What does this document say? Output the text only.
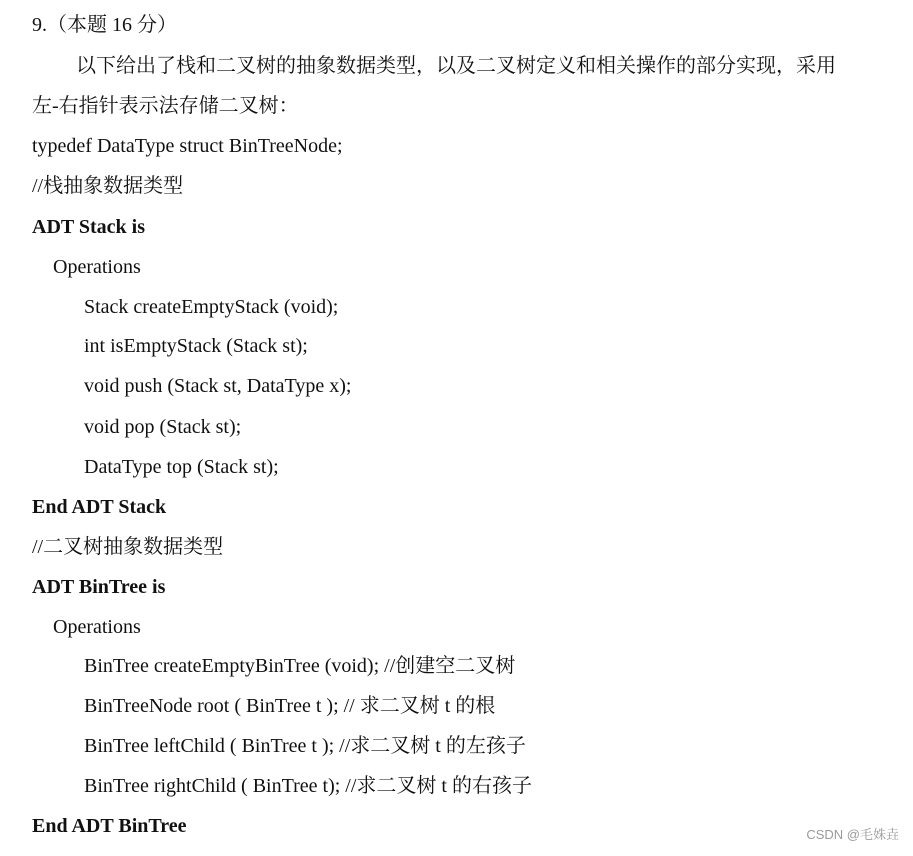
9.（本题 16 分）
以下给出了栈和二叉树的抽象数据类型，以及二叉树定义和相关操作的部分实现，采用
左-右指针表示法存储二叉树：
typedef DataType struct BinTreeNode;
//栈抽象数据类型
ADT Stack is
Operations
Stack createEmptyStack (void);
int isEmptyStack (Stack st);
void push (Stack st, DataType x);
void pop (Stack st);
DataType top (Stack st);
End ADT Stack
//二叉树抽象数据类型
ADT BinTree is
Operations
BinTree createEmptyBinTree (void); //创建空二叉树
BinTreeNode root ( BinTree t ); // 求二叉树 t 的根
BinTree leftChild ( BinTree t ); //求二叉树 t 的左孩子
BinTree rightChild ( BinTree t); //求二叉树 t 的右孩子
End ADT BinTree	CSDN @毛姝垚
